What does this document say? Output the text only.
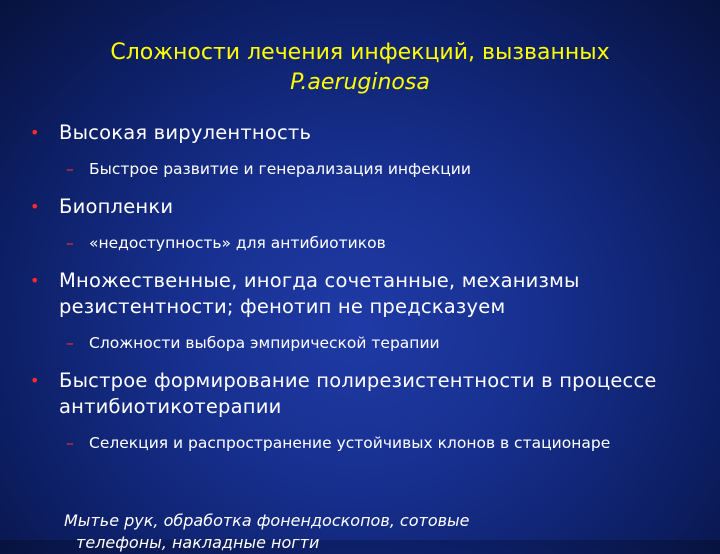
Сложности лечения инфекций, вызванных
P.aeruginosa
• Высокая вирулентность
– Быстрое развитие и генерализация инфекции
• Биопленки
– «недоступность» для антибиотиков
• Множественные, иногда сочетанные, механизмы резистентности; фенотип не предсказуем
– Сложности выбора эмпирической терапии
• Быстрое формирование полирезистентности в процессе антибиотикотерапии
– Селекция и распространение устойчивых клонов в стационаре
Мытье рук, обработка фонендоскопов, сотовые
телефоны, накладные ногти
